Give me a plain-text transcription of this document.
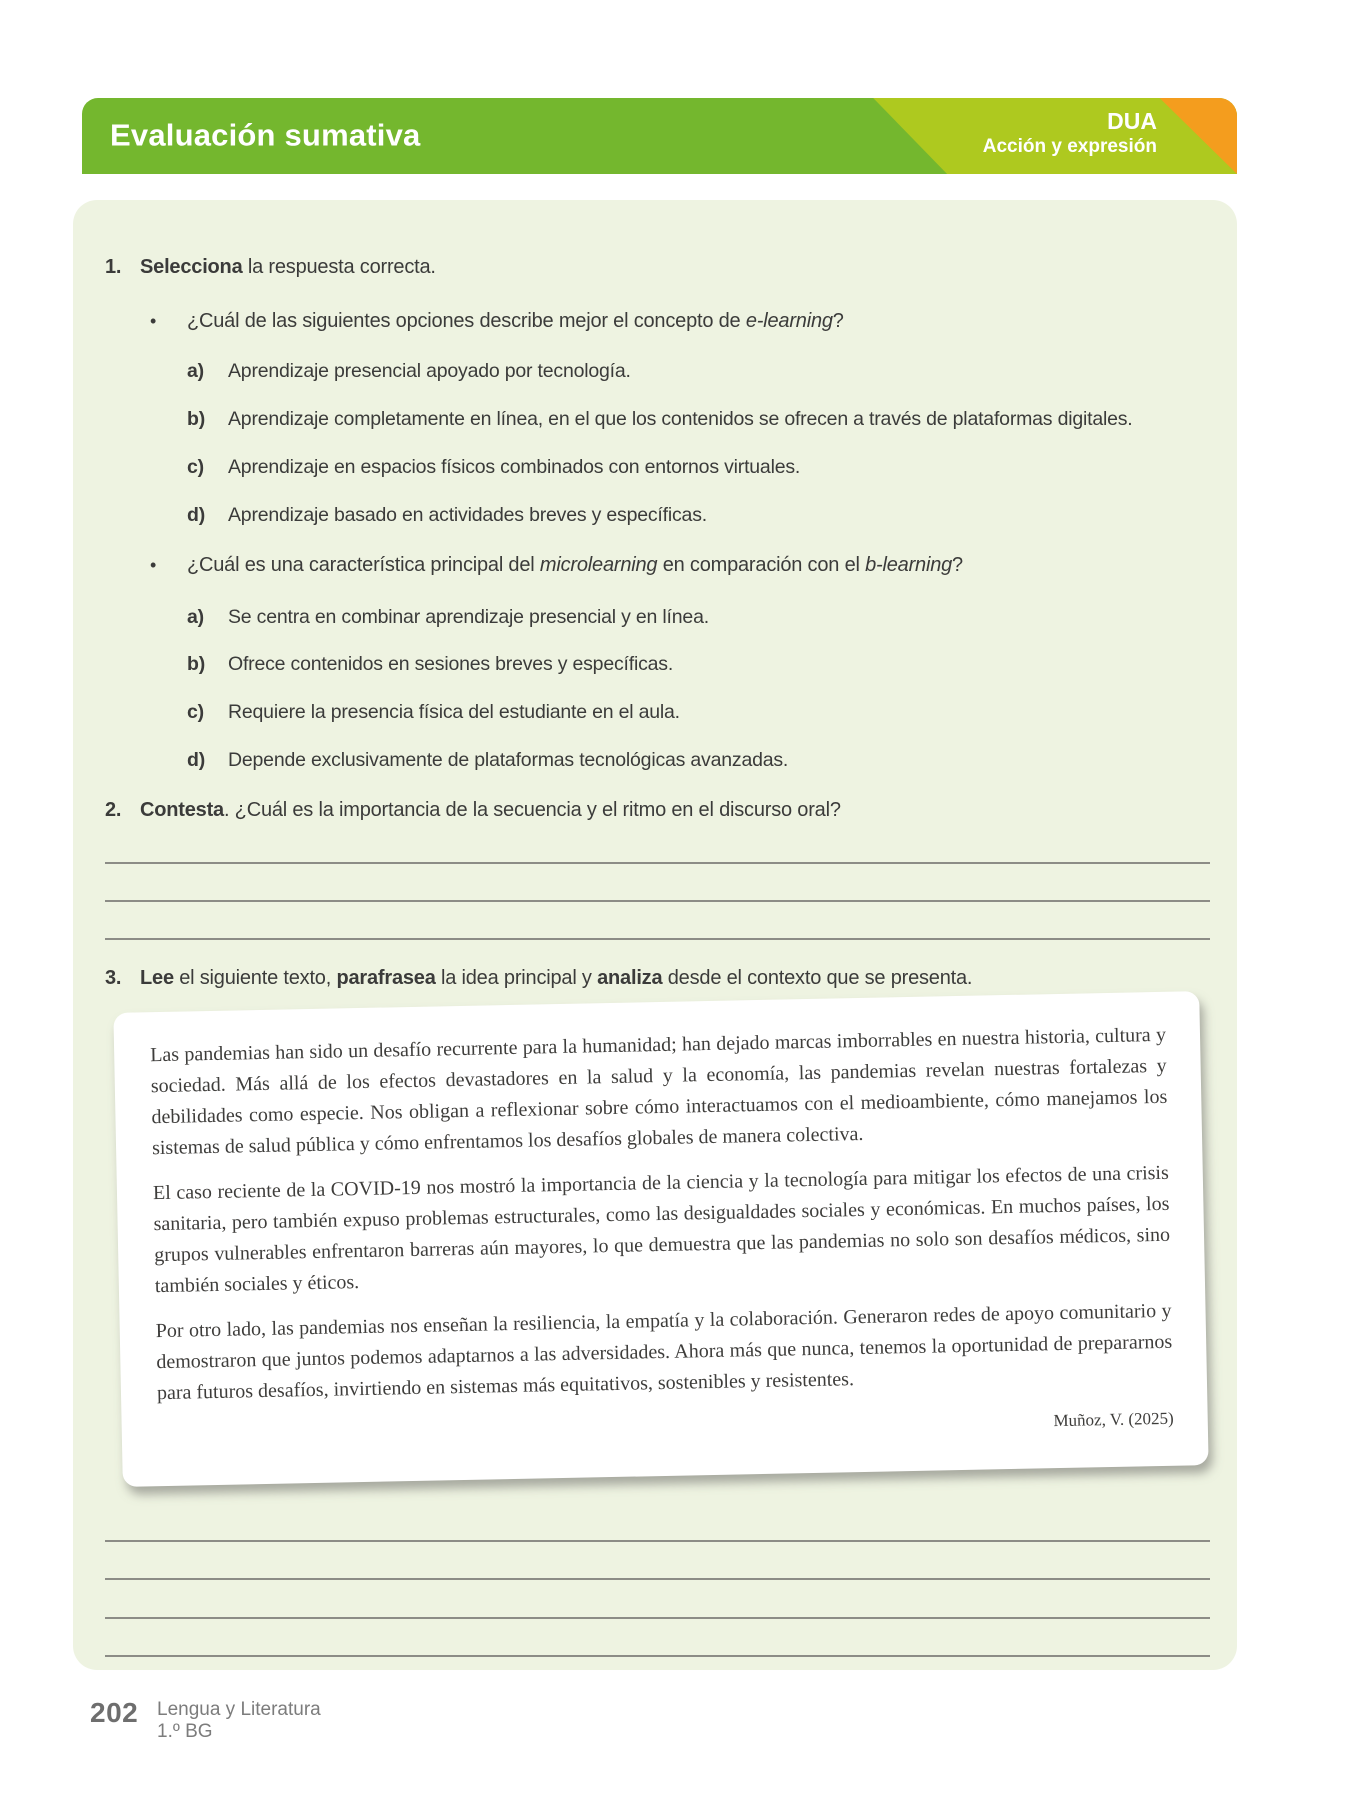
Evaluación sumativa	DUA
Acción y expresión
1. Selecciona la respuesta correcta.
• ¿Cuál de las siguientes opciones describe mejor el concepto de e-learning?
a) Aprendizaje presencial apoyado por tecnología.
b) Aprendizaje completamente en línea, en el que los contenidos se ofrecen a través de plataformas digitales.
c) Aprendizaje en espacios físicos combinados con entornos virtuales.
d) Aprendizaje basado en actividades breves y específicas.
• ¿Cuál es una característica principal del microlearning en comparación con el b-learning?
a) Se centra en combinar aprendizaje presencial y en línea.
b) Ofrece contenidos en sesiones breves y específicas.
c) Requiere la presencia física del estudiante en el aula.
d) Depende exclusivamente de plataformas tecnológicas avanzadas.
2. Contesta. ¿Cuál es la importancia de la secuencia y el ritmo en el discurso oral?
3. Lee el siguiente texto, parafrasea la idea principal y analiza desde el contexto que se presenta.

Las pandemias han sido un desafío recurrente para la humanidad; han dejado marcas imborrables en nuestra historia, cultura y sociedad. Más allá de los efectos devastadores en la salud y la economía, las pandemias revelan nuestras fortalezas y debilidades como especie. Nos obligan a reflexionar sobre cómo interactuamos con el medioambiente, cómo manejamos los sistemas de salud pública y cómo enfrentamos los desafíos globales de manera colectiva.

El caso reciente de la COVID-19 nos mostró la importancia de la ciencia y la tecnología para mitigar los efectos de una crisis sanitaria, pero también expuso problemas estructurales, como las desigualdades sociales y económicas. En muchos países, los grupos vulnerables enfrentaron barreras aún mayores, lo que demuestra que las pandemias no solo son desafíos médicos, sino también sociales y éticos.

Por otro lado, las pandemias nos enseñan la resiliencia, la empatía y la colaboración. Generaron redes de apoyo comunitario y demostraron que juntos podemos adaptarnos a las adversidades. Ahora más que nunca, tenemos la oportunidad de prepararnos para futuros desafíos, invirtiendo en sistemas más equitativos, sostenibles y resistentes.

Muñoz, V. (2025)

202 Lengua y Literatura
1.º BG
